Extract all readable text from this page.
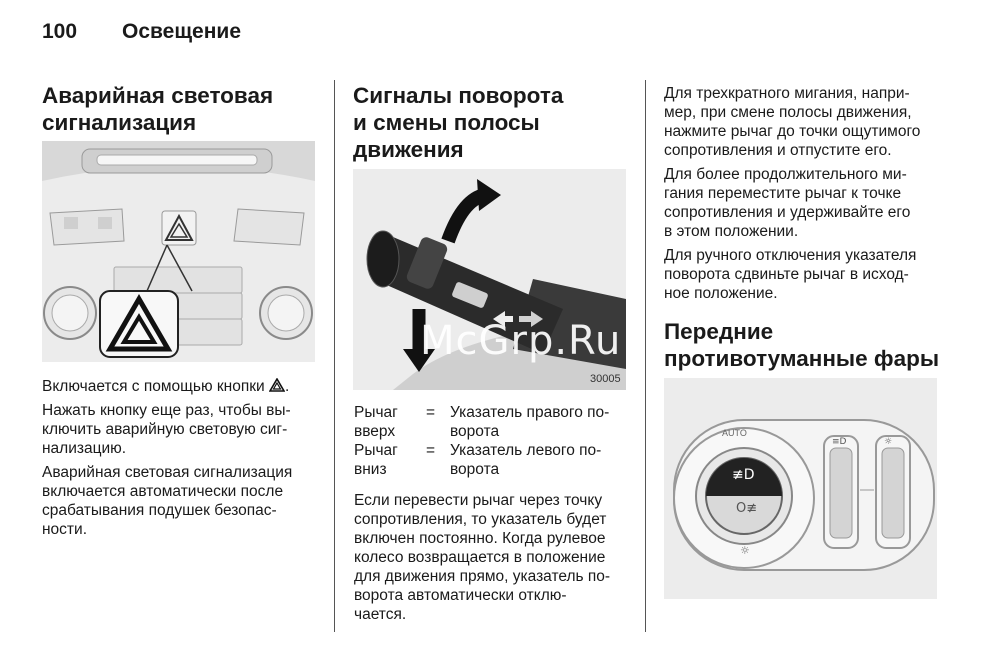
100 Освещение
Аварийная световая
сигнализация

Включается с помощью кнопки .

Нажать кнопку еще раз, чтобы вы-
ключить аварийную световую сиг-
нализацию.

Аварийная световая сигнализация
включается автоматически после
срабатывания подушек безопас-
ности.

Сигналы поворота
и смены полосы
движения
30005
Рычаг
вверх
= Указатель правого по-
ворота
Рычаг
вниз
= Указатель левого по-
ворота

Если перевести рычаг через точку
сопротивления, то указатель будет
включен постоянно. Когда рулевое
колесо возвращается в положение
для движения прямо, указатель по-
ворота автоматически отклю-
чается.

Для трехкратного мигания, напри-
мер, при смене полосы движения,
нажмите рычаг до точки ощутимого
сопротивления и отпустите его.

Для более продолжительного ми-
гания переместите рычаг к точке
сопротивления и удерживайте его
в этом положении.

Для ручного отключения указателя
поворота сдвиньте рычаг в исход-
ное положение.

Передние
противотуманные фары
AUTO
≢D
O≢
☼
≡D	☼
McGrp.Ru
